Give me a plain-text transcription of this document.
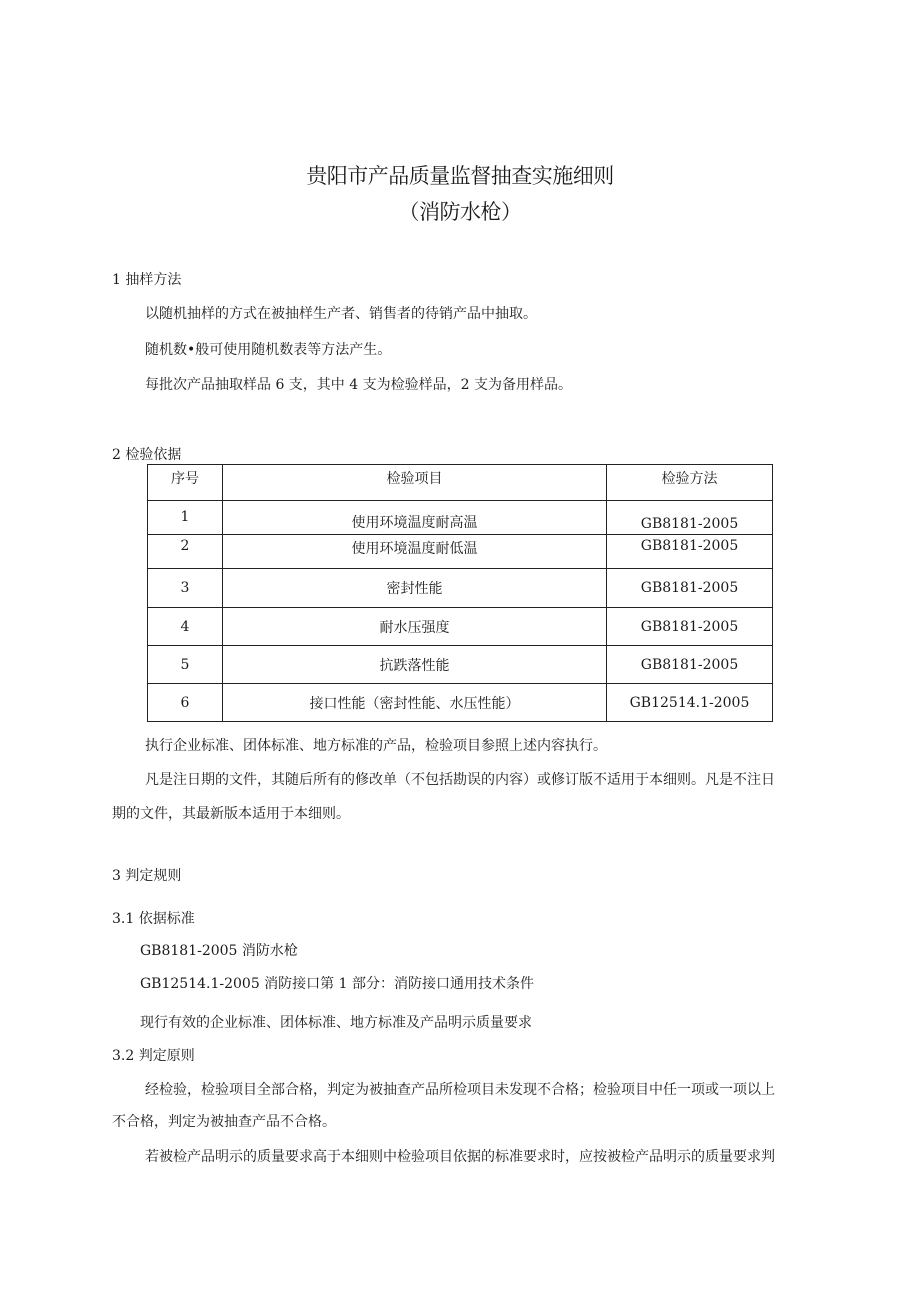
贵阳市产品质量监督抽查实施细则
（消防水枪）
1 抽样方法
以随机抽样的方式在被抽样生产者、销售者的待销产品中抽取。
随机数•般可使用随机数表等方法产生。
每批次产品抽取样品 6 支，其中 4 支为检验样品，2 支为备用样品。
2 检验依据
序号	检验项目	检验方法

1	使用环境温度耐高温	GB8181-2005

2	使用环境温度耐低温	GB8181-2005

3	密封性能	GB8181-2005

4	耐水压强度	GB8181-2005

5	抗跌落性能	GB8181-2005

6	接口性能（密封性能、水压性能）	GB12514.1-2005
执行企业标准、团体标准、地方标准的产品，检验项目参照上述内容执行。
凡是注日期的文件，其随后所有的修改单（不包括勘误的内容）或修订版不适用于本细则。凡是不注日
期的文件，其最新版本适用于本细则。
3 判定规则
3.1 依据标准
GB8181-2005 消防水枪
GB12514.1-2005 消防接口第 1 部分：消防接口通用技术条件
现行有效的企业标准、团体标准、地方标准及产品明示质量要求
3.2 判定原则
经检验，检验项目全部合格，判定为被抽查产品所检项目未发现不合格；检验项目中任一项或一项以上
不合格，判定为被抽查产品不合格。
若被检产品明示的质量要求高于本细则中检验项目依据的标准要求时，应按被检产品明示的质量要求判
